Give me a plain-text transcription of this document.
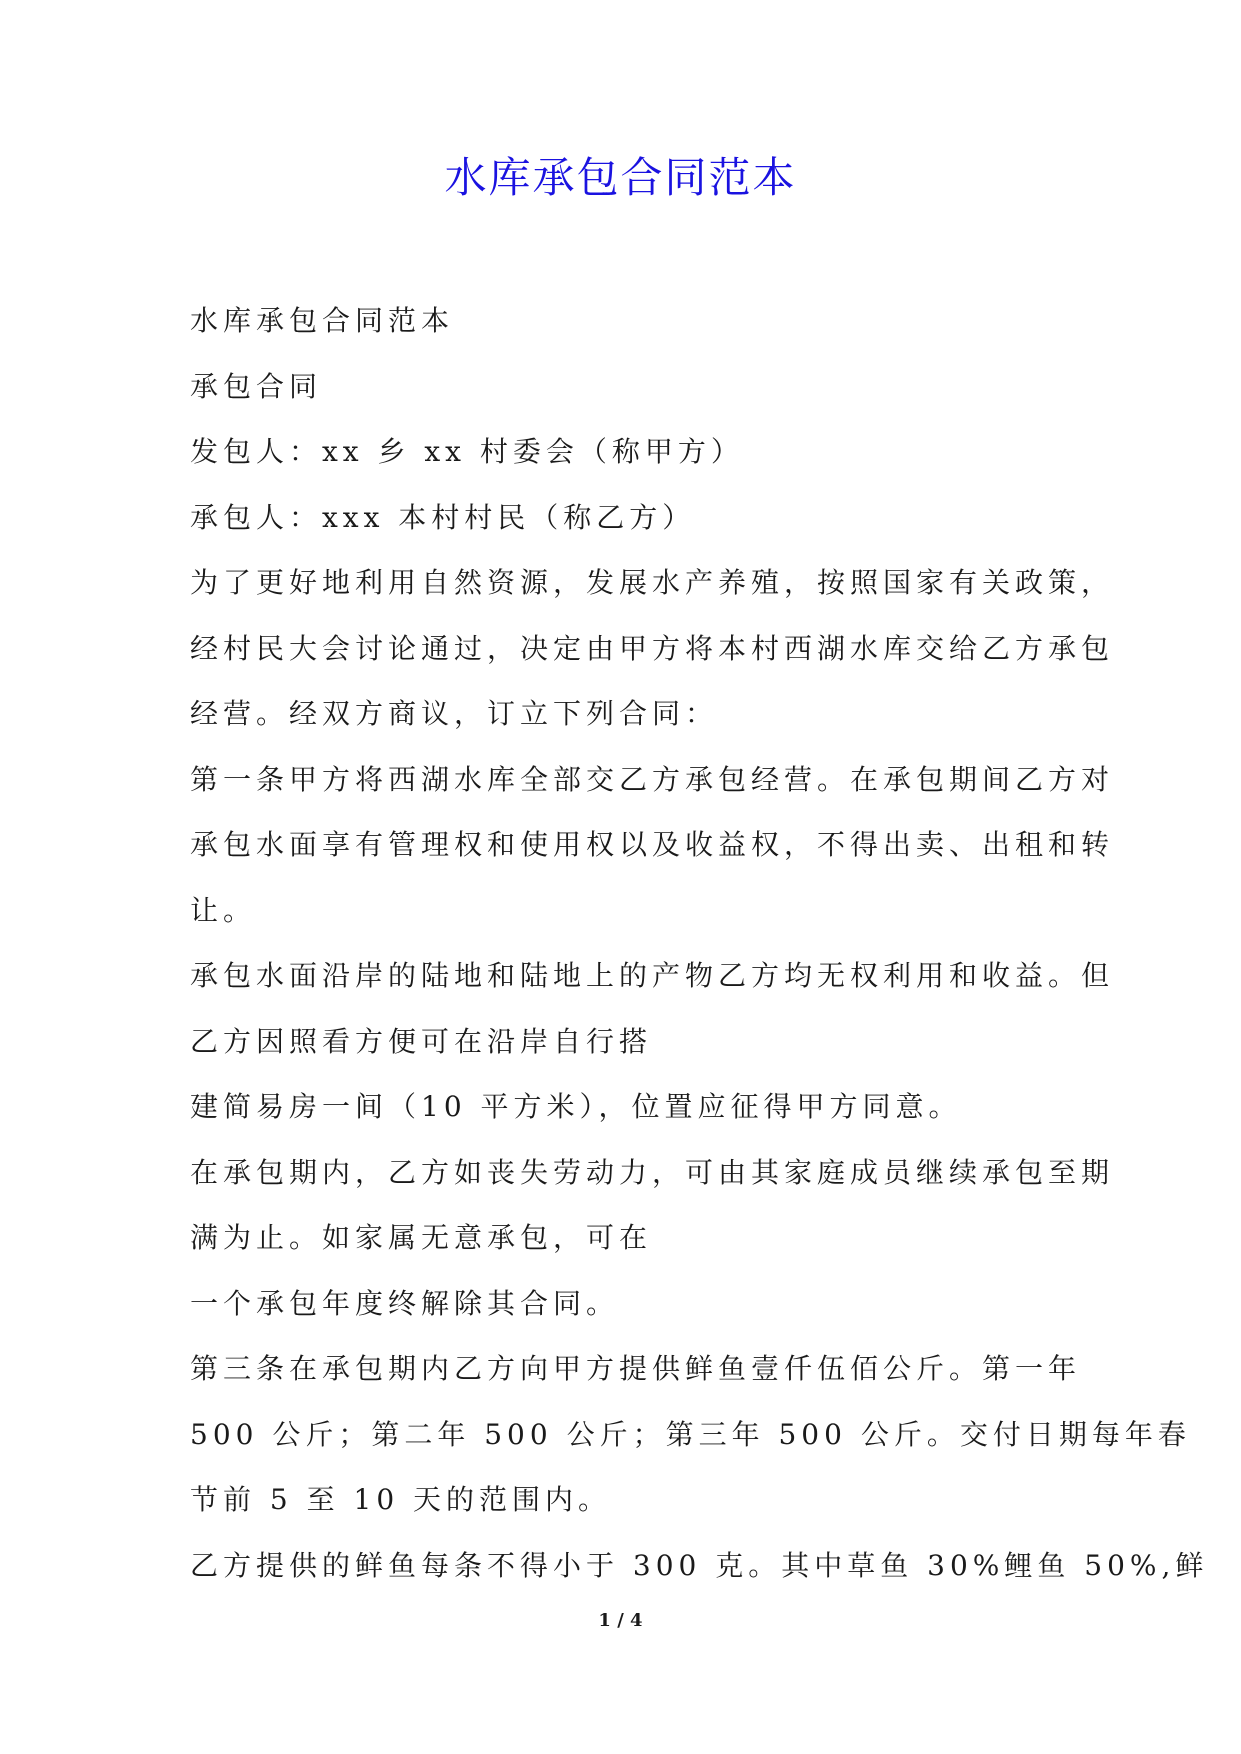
水库承包合同范本

水库承包合同范本

承包合同

发包人：xx 乡 xx 村委会（称甲方）

承包人：xxx 本村村民（称乙方）

为了更好地利用自然资源，发展水产养殖，按照国家有关政策，

经村民大会讨论通过，决定由甲方将本村西湖水库交给乙方承包

经营。经双方商议，订立下列合同：

第一条甲方将西湖水库全部交乙方承包经营。在承包期间乙方对

承包水面享有管理权和使用权以及收益权，不得出卖、出租和转

让。

承包水面沿岸的陆地和陆地上的产物乙方均无权利用和收益。但

乙方因照看方便可在沿岸自行搭

建简易房一间（10 平方米），位置应征得甲方同意。

在承包期内，乙方如丧失劳动力，可由其家庭成员继续承包至期

满为止。如家属无意承包，可在

一个承包年度终解除其合同。

第三条在承包期内乙方向甲方提供鲜鱼壹仟伍佰公斤。第一年

500 公斤；第二年 500 公斤；第三年 500 公斤。交付日期每年春

节前 5 至 10 天的范围内。

乙方提供的鲜鱼每条不得小于 300 克。其中草鱼 30%鲤鱼 50%,鲜

1 / 4
